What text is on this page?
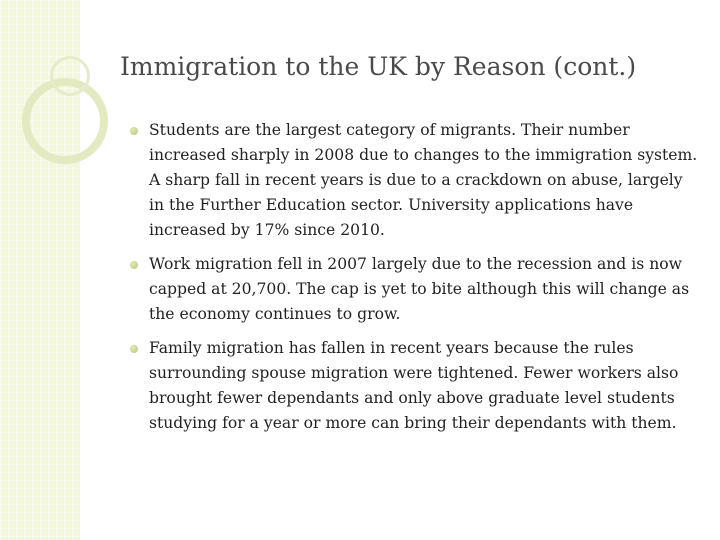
Immigration to the UK by Reason (cont.)
Students are the largest category of migrants. Their number increased sharply in 2008 due to changes to the immigration system. A sharp fall in recent years is due to a crackdown on abuse, largely in the Further Education sector. University applications have increased by 17% since 2010.
Work migration fell in 2007 largely due to the recession and is now capped at 20,700. The cap is yet to bite although this will change as the economy continues to grow.
Family migration has fallen in recent years because the rules surrounding spouse migration were tightened. Fewer workers also brought fewer dependants and only above graduate level students studying for a year or more can bring their dependants with them.
